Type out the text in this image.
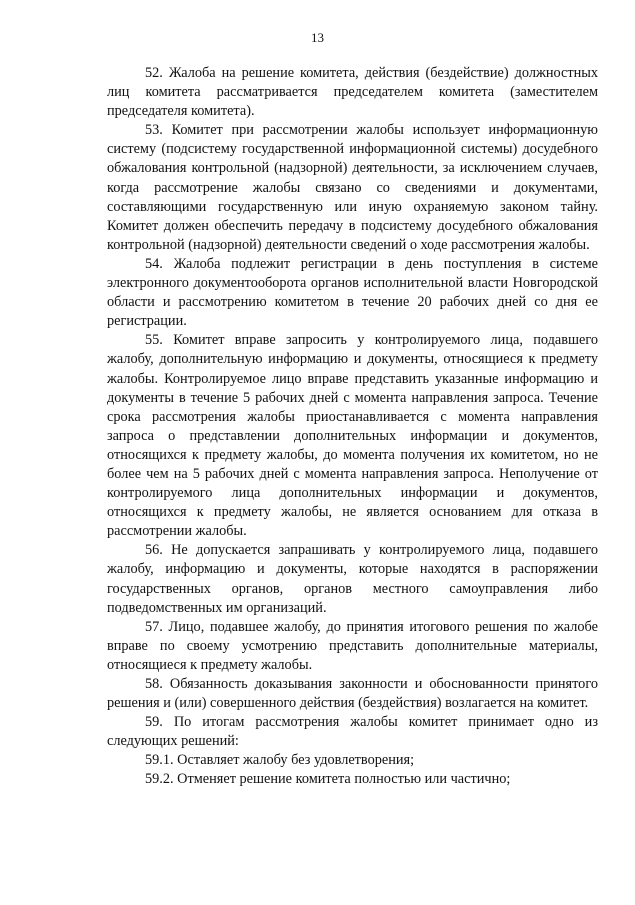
13

52. Жалоба на решение комитета, действия (бездействие) должностных лиц комитета рассматривается председателем комитета (заместителем председателя комитета).

53. Комитет при рассмотрении жалобы использует информационную систему (подсистему государственной информационной системы) досудебного обжалования контрольной (надзорной) деятельности, за исключением случаев, когда рассмотрение жалобы связано со сведениями и документами, составляющими государственную или иную охраняемую законом тайну. Комитет должен обеспечить передачу в подсистему досудебного обжалования контрольной (надзорной) деятельности сведений о ходе рассмотрения жалобы.

54. Жалоба подлежит регистрации в день поступления в системе электронного документооборота органов исполнительной власти Новгородской области и рассмотрению комитетом в течение 20 рабочих дней со дня ее регистрации.

55. Комитет вправе запросить у контролируемого лица, подавшего жалобу, дополнительную информацию и документы, относящиеся к предмету жалобы. Контролируемое лицо вправе представить указанные информацию и документы в течение 5 рабочих дней с момента направления запроса. Течение срока рассмотрения жалобы приостанавливается с момента направления запроса о представлении дополнительных информации и документов, относящихся к предмету жалобы, до момента получения их комитетом, но не более чем на 5 рабочих дней с момента направления запроса. Неполучение от контролируемого лица дополнительных информации и документов, относящихся к предмету жалобы, не является основанием для отказа в рассмотрении жалобы.

56. Не допускается запрашивать у контролируемого лица, подавшего жалобу, информацию и документы, которые находятся в распоряжении государственных органов, органов местного самоуправления либо подведомственных им организаций.

57. Лицо, подавшее жалобу, до принятия итогового решения по жалобе вправе по своему усмотрению представить дополнительные материалы, относящиеся к предмету жалобы.

58. Обязанность доказывания законности и обоснованности принятого решения и (или) совершенного действия (бездействия) возлагается на комитет.

59. По итогам рассмотрения жалобы комитет принимает одно из следующих решений:

59.1. Оставляет жалобу без удовлетворения;

59.2. Отменяет решение комитета полностью или частично;
